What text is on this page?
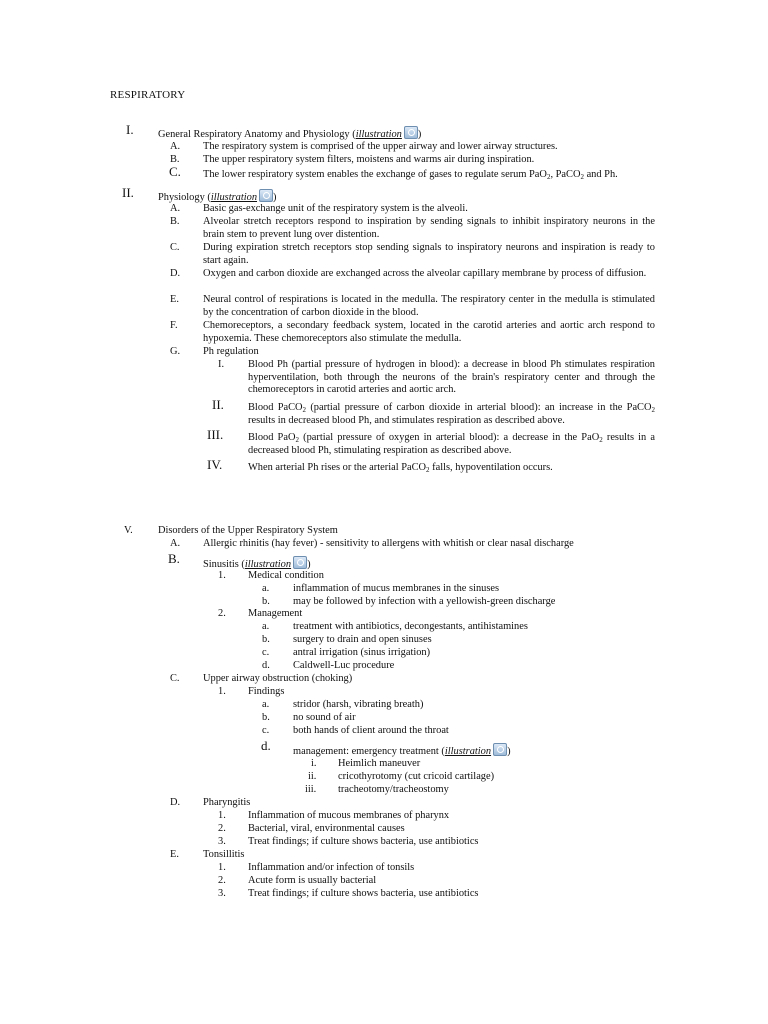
RESPIRATORY
I. General Respiratory Anatomy and Physiology (illustration )
A. The respiratory system is comprised of the upper airway and lower airway structures.
B. The upper respiratory system filters, moistens and warms air during inspiration.
C. The lower respiratory system enables the exchange of gases to regulate serum PaO$_2$, PaCO$_2$ and Ph.
II. Physiology (illustration )
A. Basic gas-exchange unit of the respiratory system is the alveoli.
B. Alveolar stretch receptors respond to inspiration by sending signals to inhibit inspiratory neurons in the brain stem to prevent lung over distention.
C. During expiration stretch receptors stop sending signals to inspiratory neurons and inspiration is ready to start again.
D. Oxygen and carbon dioxide are exchanged across the alveolar capillary membrane by process of diffusion.
E. Neural control of respirations is located in the medulla. The respiratory center in the medulla is stimulated by the concentration of carbon dioxide in the blood.
F. Chemoreceptors, a secondary feedback system, located in the carotid arteries and aortic arch respond to hypoxemia. These chemoreceptors also stimulate the medulla.
G. Ph regulation
I. Blood Ph (partial pressure of hydrogen in blood): a decrease in blood Ph stimulates respiration hyperventilation, both through the neurons of the brain's respiratory center and through the chemoreceptors in carotid arteries and aortic arch.
II. Blood PaCO$_2$ (partial pressure of carbon dioxide in arterial blood): an increase in the PaCO$_2$ results in decreased blood Ph, and stimulates respiration as described above.
III. Blood PaO$_2$ (partial pressure of oxygen in arterial blood): a decrease in the PaO$_2$ results in a decreased blood Ph, stimulating respiration as described above.
IV. When arterial Ph rises or the arterial PaCO$_2$ falls, hypoventilation occurs.
V. Disorders of the Upper Respiratory System
A. Allergic rhinitis (hay fever) - sensitivity to allergens with whitish or clear nasal discharge
B. Sinusitis (illustration )
1. Medical condition
a. inflammation of mucus membranes in the sinuses
b. may be followed by infection with a yellowish-green discharge
2. Management
a. treatment with antibiotics, decongestants, antihistamines
b. surgery to drain and open sinuses
c. antral irrigation (sinus irrigation)
d. Caldwell-Luc procedure
C. Upper airway obstruction (choking)
1. Findings
a. stridor (harsh, vibrating breath)
b. no sound of air
c. both hands of client around the throat
d. management: emergency treatment (illustration )
i. Heimlich maneuver
ii. cricothyrotomy (cut cricoid cartilage)
iii. tracheotomy/tracheostomy
D. Pharyngitis
1. Inflammation of mucous membranes of pharynx
2. Bacterial, viral, environmental causes
3. Treat findings; if culture shows bacteria, use antibiotics
E. Tonsillitis
1. Inflammation and/or infection of tonsils
2. Acute form is usually bacterial
3. Treat findings; if culture shows bacteria, use antibiotics
